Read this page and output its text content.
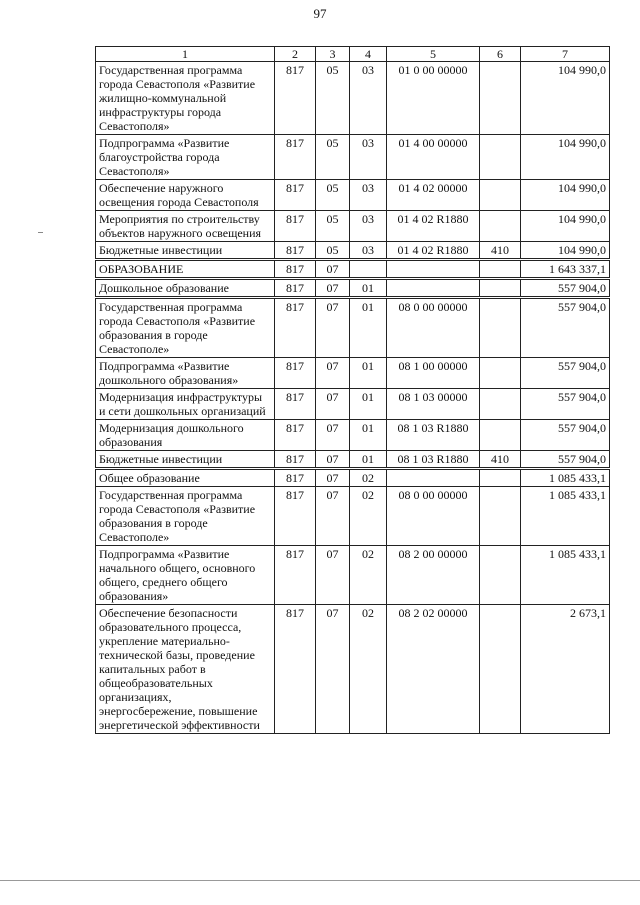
97
1	2	3	4	5	6	7
Государственная программа города Севастополя «Развитие жилищно-коммунальной инфраструктуры города Севастополя»	817	05	03	01 0 00 00000		104 990,0
Подпрограмма «Развитие благоустройства города Севастополя»	817	05	03	01 4 00 00000		104 990,0
Обеспечение наружного освещения города Севастополя	817	05	03	01 4 02 00000		104 990,0
Мероприятия по строительству объектов наружного освещения	817	05	03	01 4 02 R1880		104 990,0
Бюджетные инвестиции	817	05	03	01 4 02 R1880	410	104 990,0
ОБРАЗОВАНИЕ	817	07				1 643 337,1
Дошкольное образование	817	07	01			557 904,0
Государственная программа города Севастополя «Развитие образования в городе Севастополе»	817	07	01	08 0 00 00000		557 904,0
Подпрограмма «Развитие дошкольного образования»	817	07	01	08 1 00 00000		557 904,0
Модернизация инфраструктуры и сети дошкольных организаций	817	07	01	08 1 03 00000		557 904,0
Модернизация дошкольного образования	817	07	01	08 1 03 R1880		557 904,0
Бюджетные инвестиции	817	07	01	08 1 03 R1880	410	557 904,0
Общее образование	817	07	02			1 085 433,1
Государственная программа города Севастополя «Развитие образования в городе Севастополе»	817	07	02	08 0 00 00000		1 085 433,1
Подпрограмма «Развитие начального общего, основного общего, среднего общего образования»	817	07	02	08 2 00 00000		1 085 433,1
Обеспечение безопасности образовательного процесса, укрепление материально-технической базы, проведение капитальных работ в общеобразовательных организациях, энергосбережение, повышение энергетической эффективности	817	07	02	08 2 02 00000		2 673,1
